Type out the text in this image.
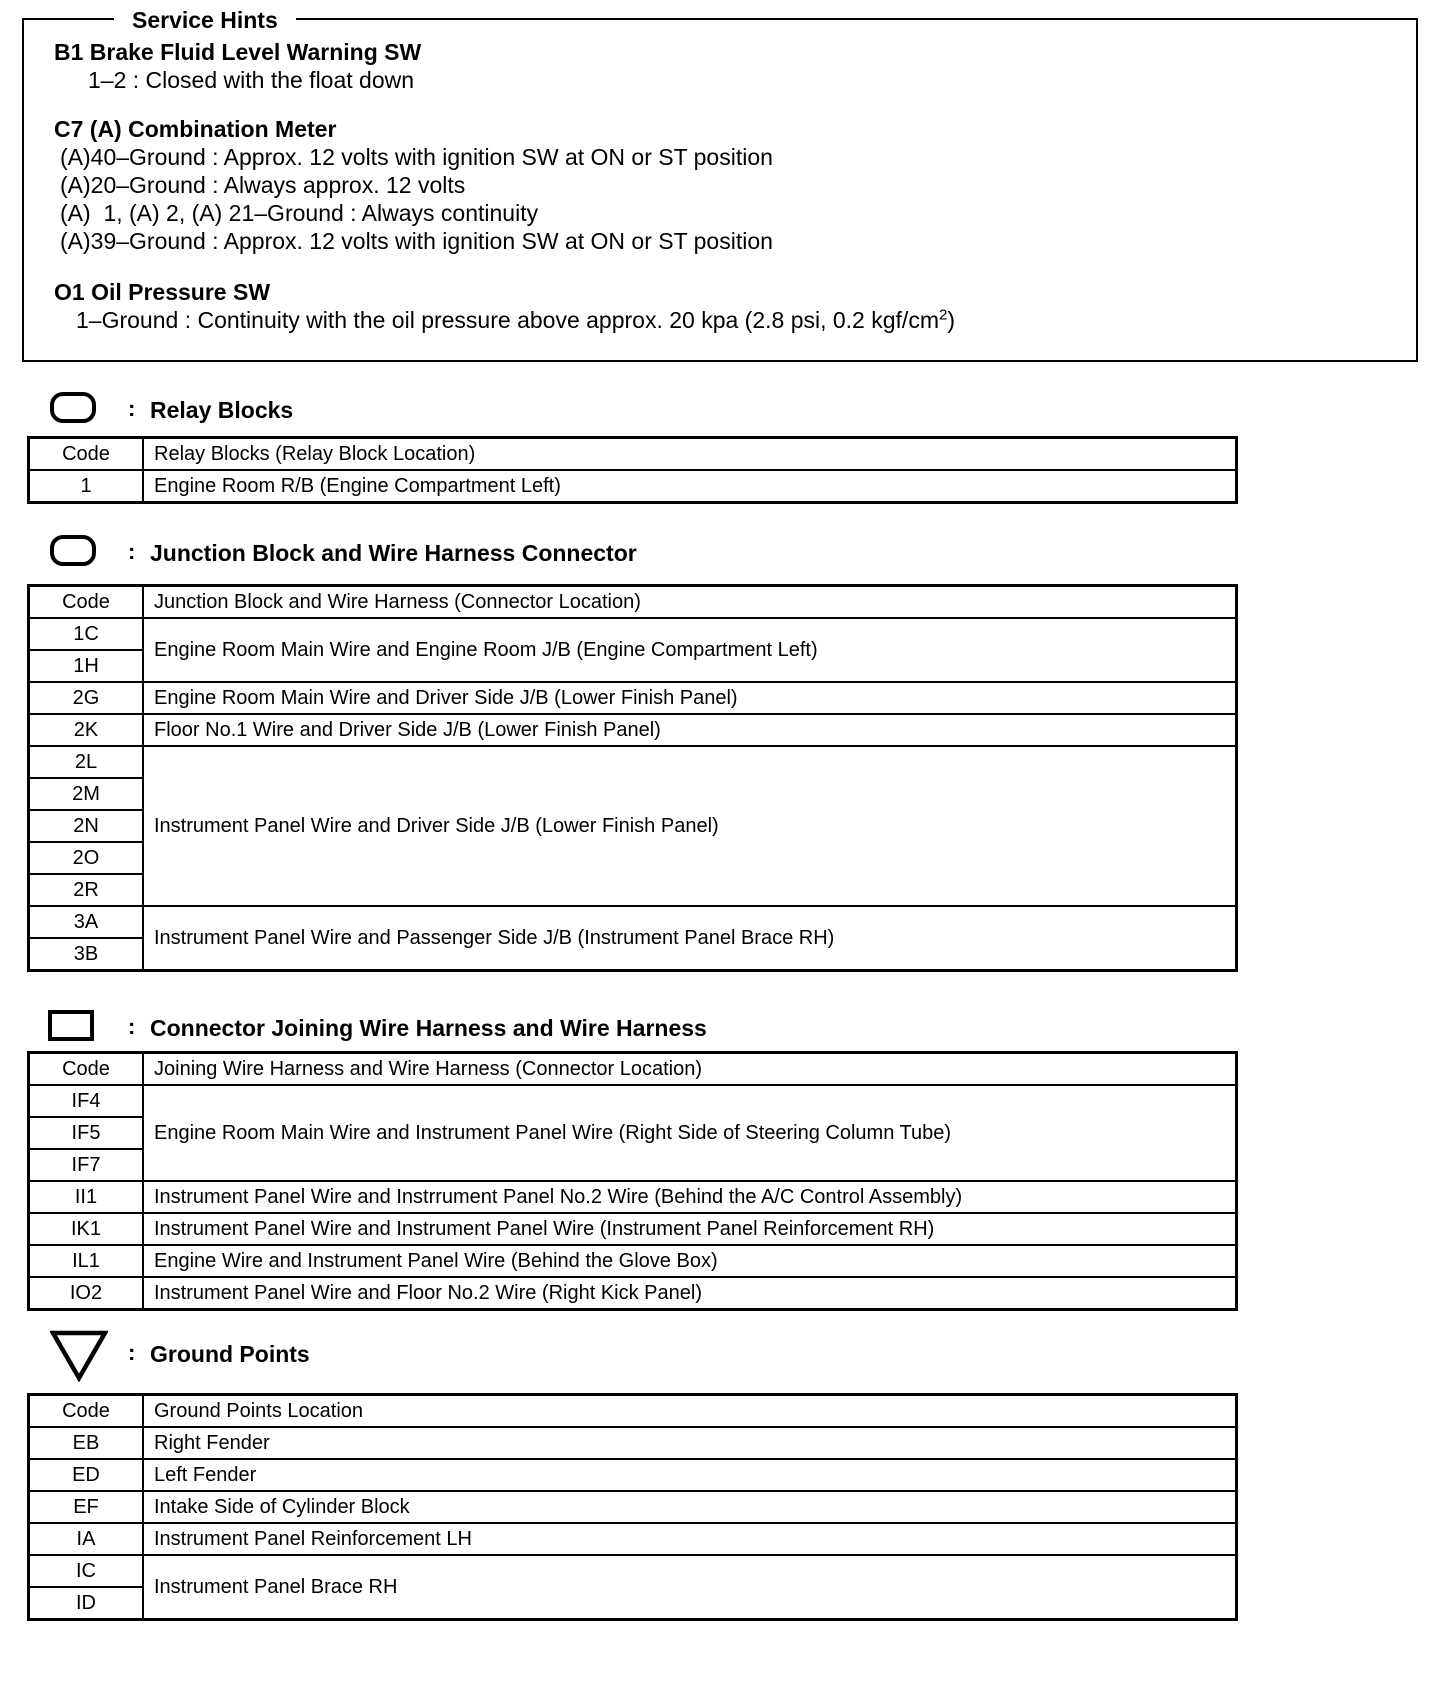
Service Hints
B1 Brake Fluid Level Warning SW
1–2 : Closed with the float down
C7 (A) Combination Meter
(A)40–Ground : Approx. 12 volts with ignition SW at ON or ST position
(A)20–Ground : Always approx. 12 volts
(A)  1, (A) 2, (A) 21–Ground : Always continuity
(A)39–Ground : Approx. 12 volts with ignition SW at ON or ST position
O1 Oil Pressure SW
1–Ground : Continuity with the oil pressure above approx. 20 kpa (2.8 psi, 0.2 kgf/$cm^2$)
: Relay Blocks
Code	Relay Blocks (Relay Block Location)
1	Engine Room R/B (Engine Compartment Left)
: Junction Block and Wire Harness Connector
Code	Junction Block and Wire Harness (Connector Location)
1C	Engine Room Main Wire and Engine Room J/B (Engine Compartment Left)
1H	
2G	Engine Room Main Wire and Driver Side J/B (Lower Finish Panel)
2K	Floor No.1 Wire and Driver Side J/B (Lower Finish Panel)
2L	Instrument Panel Wire and Driver Side J/B (Lower Finish Panel)
2M	
2N	
2O	
2R	
3A	Instrument Panel Wire and Passenger Side J/B (Instrument Panel Brace RH)
3B	
: Connector Joining Wire Harness and Wire Harness
Code	Joining Wire Harness and Wire Harness (Connector Location)
IF4	Engine Room Main Wire and Instrument Panel Wire (Right Side of Steering Column Tube)
IF5	
IF7	
II1	Instrument Panel Wire and Instrrument Panel No.2 Wire (Behind the A/C Control Assembly)
IK1	Instrument Panel Wire and Instrument Panel Wire (Instrument Panel Reinforcement RH)
IL1	Engine Wire and Instrument Panel Wire (Behind the Glove Box)
IO2	Instrument Panel Wire and Floor No.2 Wire (Right Kick Panel)
: Ground Points
Code	Ground Points Location
EB	Right Fender
ED	Left Fender
EF	Intake Side of Cylinder Block
IA	Instrument Panel Reinforcement LH
IC	Instrument Panel Brace RH
ID	
